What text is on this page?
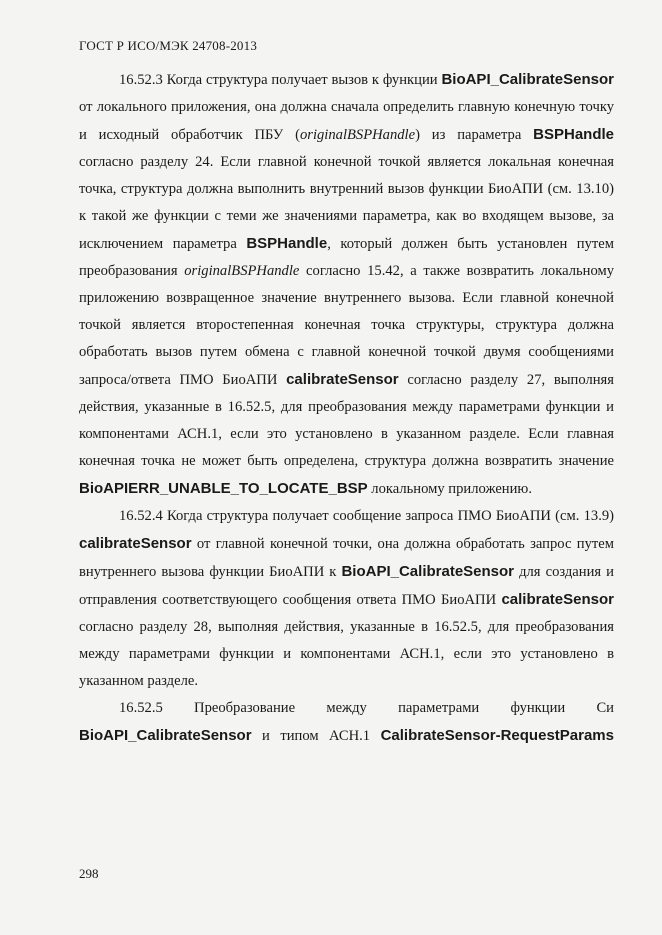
ГОСТ Р ИСО/МЭК 24708-2013

16.52.3 Когда структура получает вызов к функции BioAPI_CalibrateSensor от локального приложения, она должна сначала определить главную конечную точку и исходный обработчик ПБУ (originalBSPHandle) из параметра BSPHandle согласно разделу 24. Если главной конечной точкой является локальная конечная точка, структура должна выполнить внутренний вызов функции БиоАПИ (см. 13.10) к такой же функции с теми же значениями параметра, как во входящем вызове, за исключением параметра BSPHandle, который должен быть установлен путем преобразования originalBSPHandle согласно 15.42, а также возвратить локальному приложению возвращенное значение внутреннего вызова. Если главной конечной точкой является второстепенная конечная точка структуры, структура должна обработать вызов путем обмена с главной конечной точкой двумя сообщениями запроса/ответа ПМО БиоАПИ calibrateSensor согласно разделу 27, выполняя действия, указанные в 16.52.5, для преобразования между параметрами функции и компонентами АСН.1, если это установлено в указанном разделе. Если главная конечная точка не может быть определена, структура должна возвратить значение BioAPIERR_UNABLE_TO_LOCATE_BSP локальному приложению.

16.52.4 Когда структура получает сообщение запроса ПМО БиоАПИ (см. 13.9) calibrateSensor от главной конечной точки, она должна обработать запрос путем внутреннего вызова функции БиоАПИ к BioAPI_CalibrateSensor для создания и отправления соответствующего сообщения ответа ПМО БиоАПИ calibrateSensor согласно разделу 28, выполняя действия, указанные в 16.52.5, для преобразования между параметрами функции и компонентами АСН.1, если это установлено в указанном разделе.

16.52.5 Преобразование между параметрами функции Си BioAPI_CalibrateSensor и типом АСН.1 CalibrateSensor-RequestParams

298
